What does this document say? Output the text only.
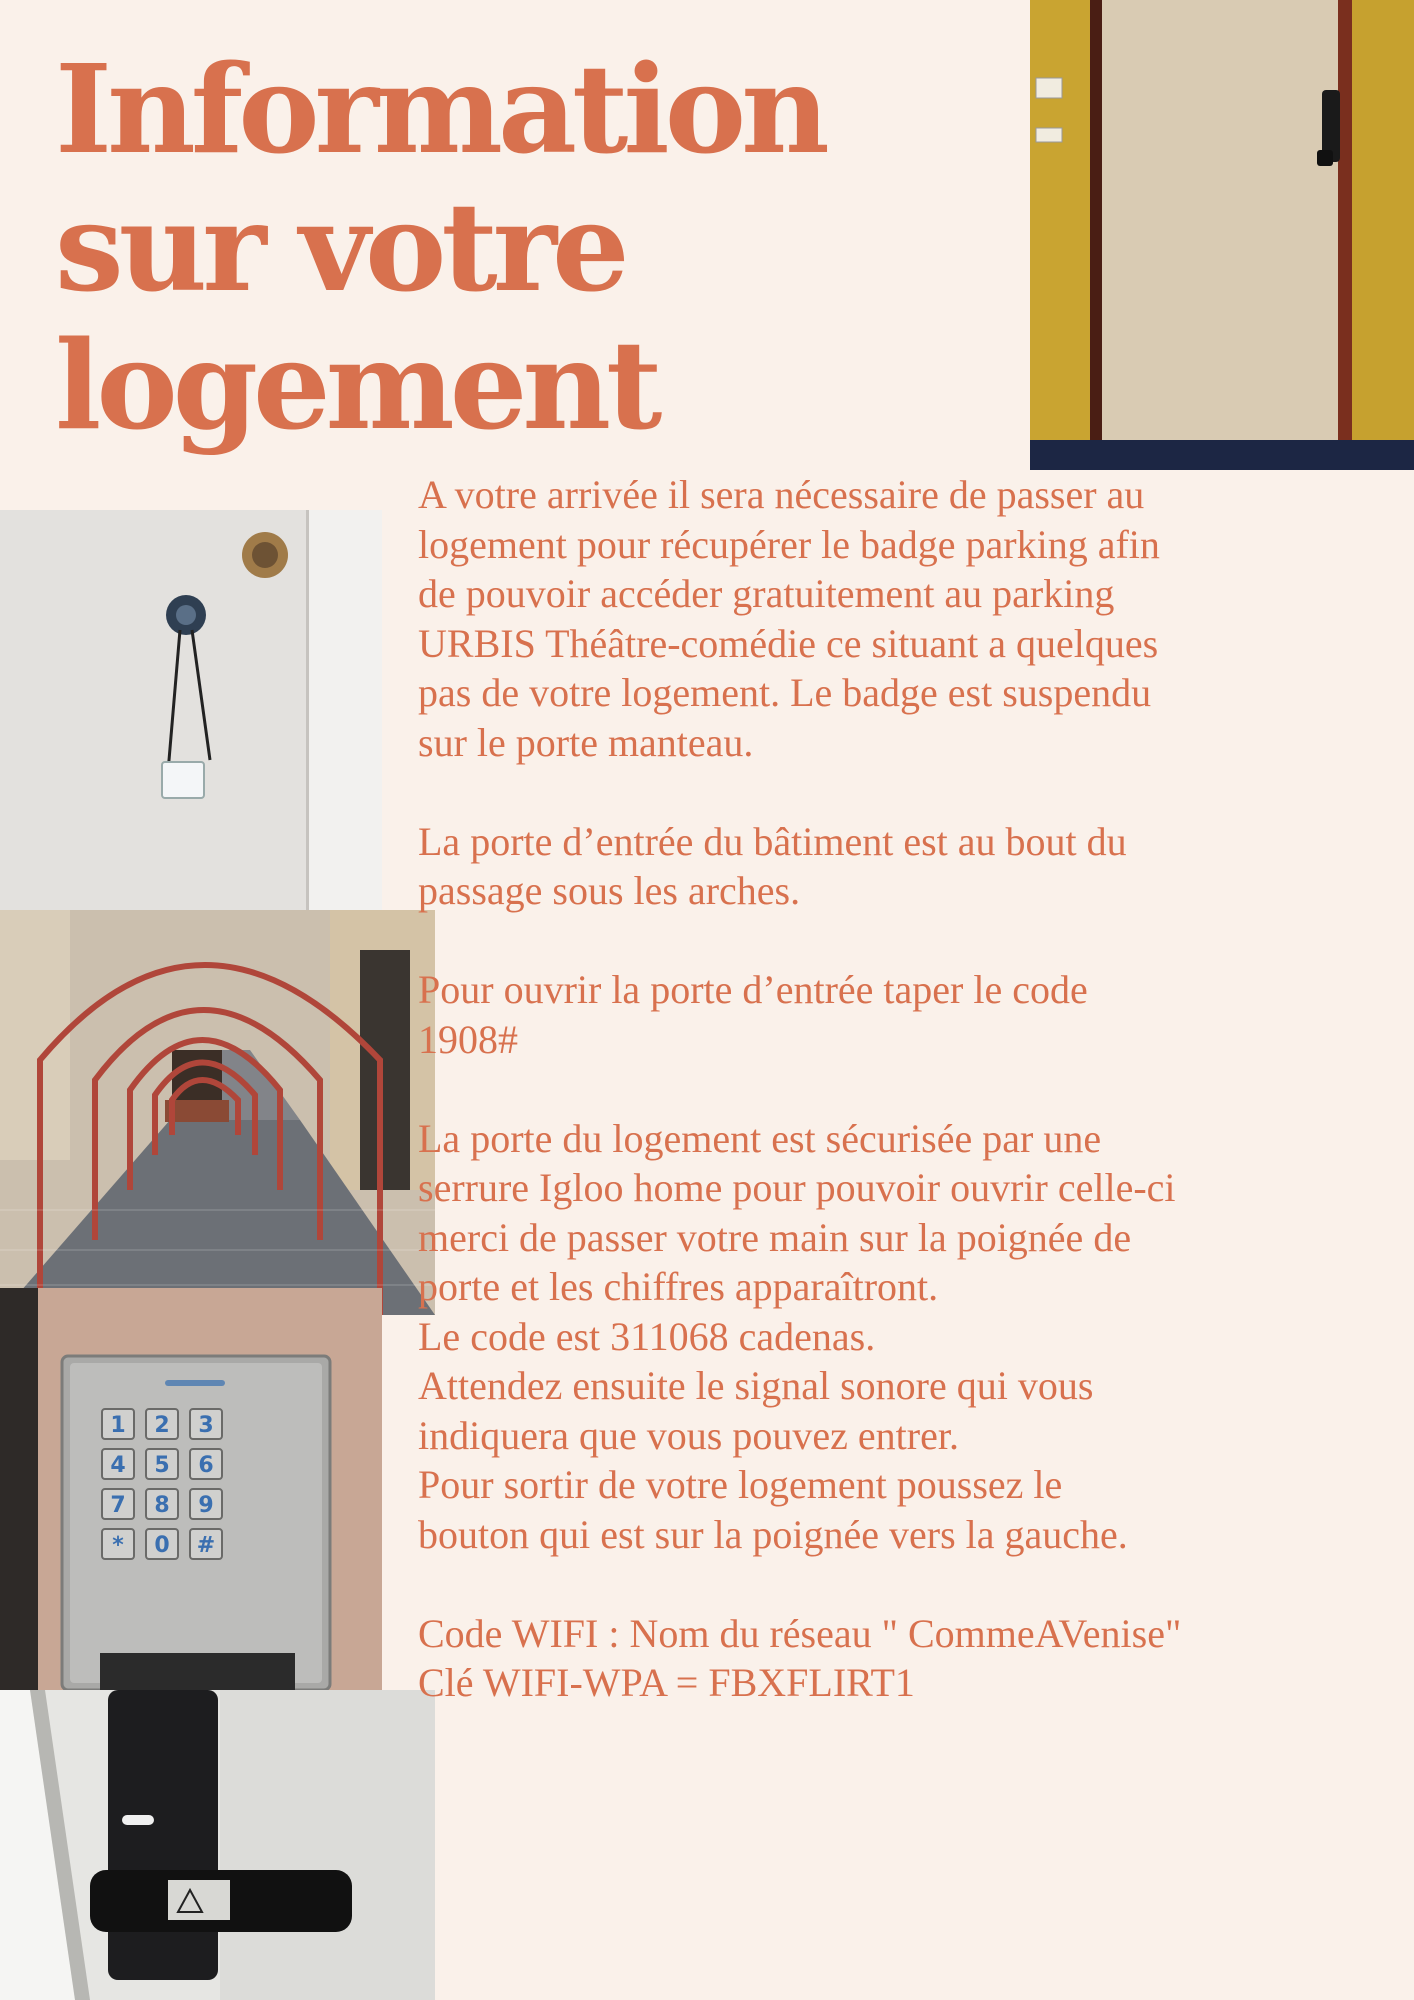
Information
sur votre
logement
1 2 3
4 5 6
7 8 9
* 0 #

A votre arrivée il sera nécessaire de passer au

logement pour récupérer le badge parking afin

de pouvoir accéder gratuitement au parking

URBIS Théâtre-comédie ce situant a quelques

pas de votre logement. Le badge est suspendu

sur le porte manteau.

La porte d’entrée du bâtiment est au bout du

passage sous les arches.

Pour ouvrir la porte d’entrée taper le code

1908#

La porte du logement est sécurisée par une

serrure Igloo home pour pouvoir ouvrir celle-ci

merci de passer votre main sur la poignée de

porte et les chiffres apparaîtront.

Le code est 311068 cadenas.

Attendez ensuite le signal sonore qui vous

indiquera que vous pouvez entrer.

Pour sortir de votre logement poussez le

bouton qui est sur la poignée vers la gauche.

Code WIFI : Nom du réseau " CommeAVenise"

Clé WIFI-WPA = FBXFLIRT1
